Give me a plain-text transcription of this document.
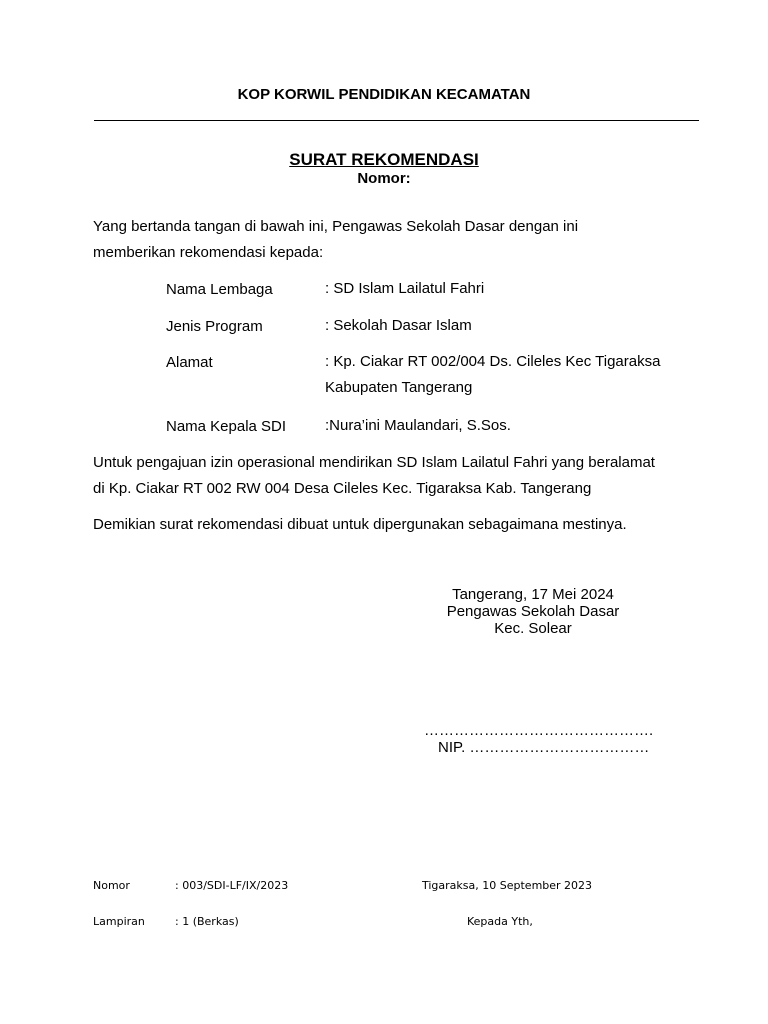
KOP KORWIL PENDIDIKAN KECAMATAN
SURAT REKOMENDASI
Nomor:
Yang bertanda tangan di bawah ini, Pengawas Sekolah Dasar dengan ini
memberikan rekomendasi kepada:
Nama Lembaga	: SD Islam Lailatul Fahri
Jenis Program	: Sekolah Dasar Islam
Alamat	: Kp. Ciakar RT 002/004 Ds. Cileles Kec Tigaraksa
Kabupaten Tangerang
Nama Kepala SDI	:Nura’ini Maulandari, S.Sos.
Untuk pengajuan izin operasional mendirikan SD Islam Lailatul Fahri yang beralamat
di Kp. Ciakar RT 002 RW 004 Desa Cileles Kec. Tigaraksa Kab. Tangerang
Demikian surat rekomendasi dibuat untuk dipergunakan sebagaimana mestinya.
Tangerang, 17 Mei 2024
Pengawas Sekolah Dasar
Kec. Solear
……………………………………….
NIP. ………………………………
Nomor	: 003/SDI-LF/IX/2023	Tigaraksa, 10 September 2023
Lampiran	: 1 (Berkas)	Kepada Yth,
